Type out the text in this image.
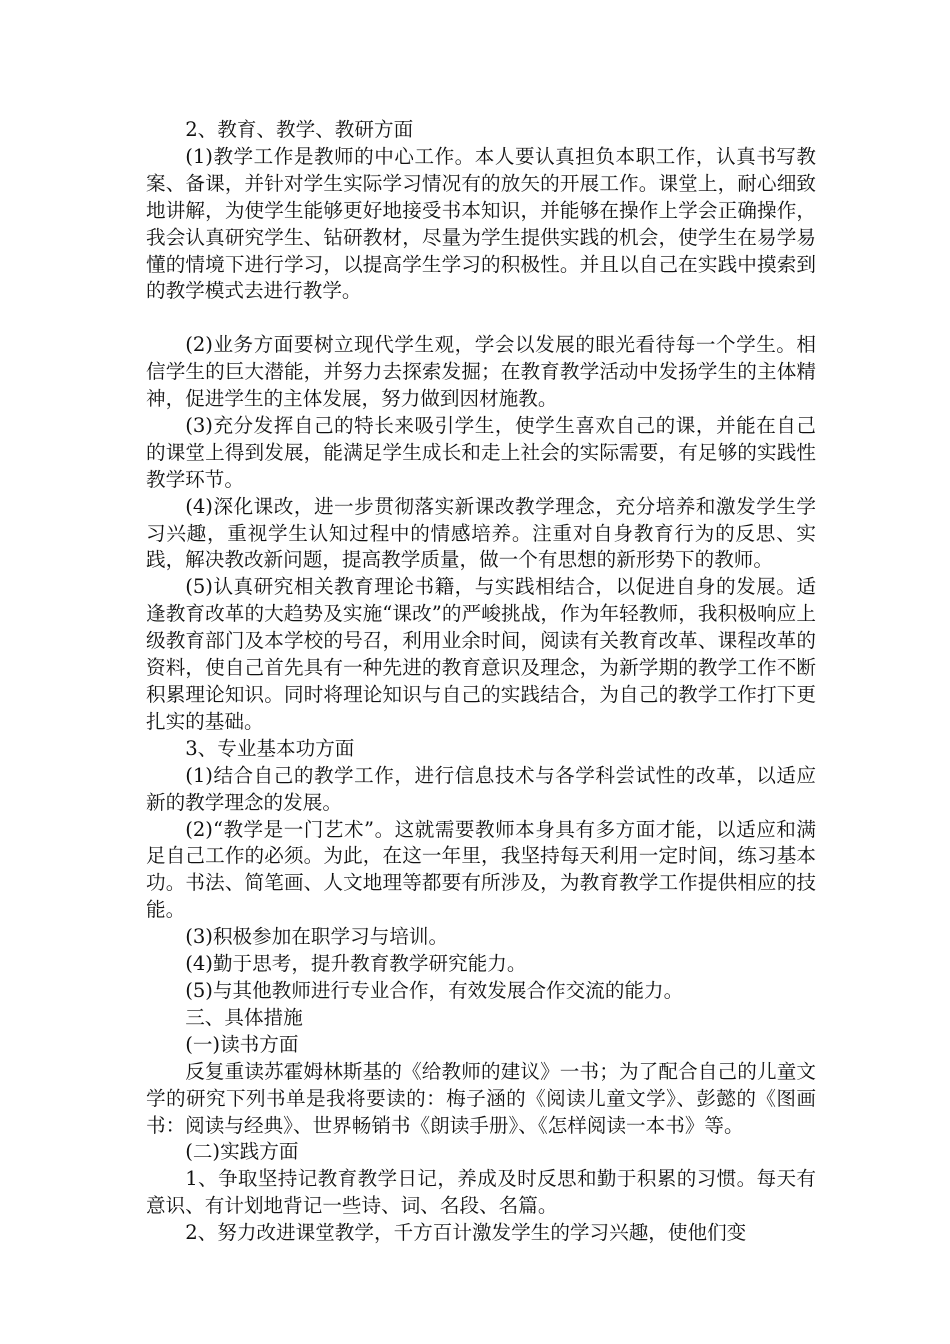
2、教育、教学、教研方面

(1)教学工作是教师的中心工作。本人要认真担负本职工作，认真书写教案、备课，并针对学生实际学习情况有的放矢的开展工作。课堂上，耐心细致地讲解，为使学生能够更好地接受书本知识，并能够在操作上学会正确操作，我会认真研究学生、钻研教材，尽量为学生提供实践的机会，使学生在易学易懂的情境下进行学习，以提高学生学习的积极性。并且以自己在实践中摸索到的教学模式去进行教学。

(2)业务方面要树立现代学生观，学会以发展的眼光看待每一个学生。相信学生的巨大潜能，并努力去探索发掘；在教育教学活动中发扬学生的主体精神，促进学生的主体发展，努力做到因材施教。

(3)充分发挥自己的特长来吸引学生，使学生喜欢自己的课，并能在自己的课堂上得到发展，能满足学生成长和走上社会的实际需要，有足够的实践性教学环节。

(4)深化课改，进一步贯彻落实新课改教学理念，充分培养和激发学生学习兴趣，重视学生认知过程中的情感培养。注重对自身教育行为的反思、实践，解决教改新问题，提高教学质量，做一个有思想的新形势下的教师。

(5)认真研究相关教育理论书籍，与实践相结合，以促进自身的发展。适逢教育改革的大趋势及实施“课改”的严峻挑战，作为年轻教师，我积极响应上级教育部门及本学校的号召，利用业余时间，阅读有关教育改革、课程改革的资料，使自己首先具有一种先进的教育意识及理念，为新学期的教学工作不断积累理论知识。同时将理论知识与自己的实践结合，为自己的教学工作打下更扎实的基础。

3、专业基本功方面

(1)结合自己的教学工作，进行信息技术与各学科尝试性的改革，以适应新的教学理念的发展。

(2)“教学是一门艺术”。这就需要教师本身具有多方面才能，以适应和满足自己工作的必须。为此，在这一年里，我坚持每天利用一定时间，练习基本功。书法、简笔画、人文地理等都要有所涉及，为教育教学工作提供相应的技能。

(3)积极参加在职学习与培训。

(4)勤于思考，提升教育教学研究能力。

(5)与其他教师进行专业合作，有效发展合作交流的能力。

三、具体措施

(一)读书方面

反复重读苏霍姆林斯基的《给教师的建议》一书；为了配合自己的儿童文学的研究下列书单是我将要读的：梅子涵的《阅读儿童文学》、彭懿的《图画书：阅读与经典》、世界畅销书《朗读手册》、《怎样阅读一本书》等。

(二)实践方面

1、争取坚持记教育教学日记，养成及时反思和勤于积累的习惯。每天有意识、有计划地背记一些诗、词、名段、名篇。

2、努力改进课堂教学，千方百计激发学生的学习兴趣，使他们变
